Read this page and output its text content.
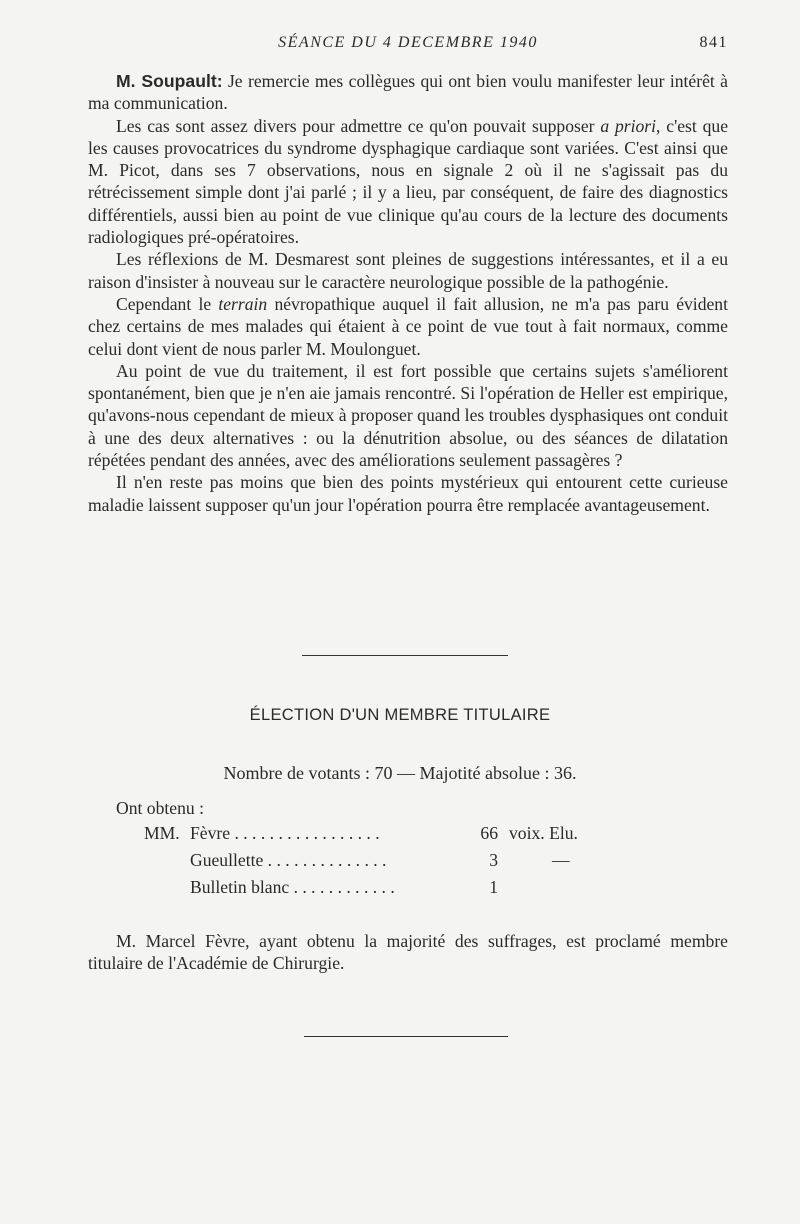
SÉANCE DU 4 DECEMBRE 1940	841

M. Soupault: Je remercie mes collègues qui ont bien voulu manifester leur intérêt à ma communication.

Les cas sont assez divers pour admettre ce qu'on pouvait supposer a priori, c'est que les causes provocatrices du syndrome dysphagique cardiaque sont variées. C'est ainsi que M. Picot, dans ses 7 observations, nous en signale 2 où il ne s'agissait pas du rétrécissement simple dont j'ai parlé ; il y a lieu, par conséquent, de faire des diagnostics différentiels, aussi bien au point de vue clinique qu'au cours de la lecture des documents radiologiques pré-opératoires.

Les réflexions de M. Desmarest sont pleines de suggestions intéressantes, et il a eu raison d'insister à nouveau sur le caractère neurologique possible de la pathogénie.

Cependant le terrain névropathique auquel il fait allusion, ne m'a pas paru évident chez certains de mes malades qui étaient à ce point de vue tout à fait normaux, comme celui dont vient de nous parler M. Moulonguet.

Au point de vue du traitement, il est fort possible que certains sujets s'améliorent spontanément, bien que je n'en aie jamais rencontré. Si l'opération de Heller est empirique, qu'avons-nous cependant de mieux à proposer quand les troubles dysphasiques ont conduit à une des deux alternatives : ou la dénutrition absolue, ou des séances de dilatation répétées pendant des années, avec des améliorations seulement passagères ?

Il n'en reste pas moins que bien des points mystérieux qui entourent cette curieuse maladie laissent supposer qu'un jour l'opération pourra être remplacée avantageusement.

ÉLECTION D'UN MEMBRE TITULAIRE
Nombre de votants : 70 — Majotité absolue : 36.
Ont obtenu :
MM. Fèvre . . . . . . . . . . . . . . . . .	66 voix. Elu.
Gueullette . . . . . . . . . . . . . .	3	—
Bulletin blanc . . . . . . . . . . . .	1

M. Marcel Fèvre, ayant obtenu la majorité des suffrages, est proclamé membre titulaire de l'Académie de Chirurgie.
